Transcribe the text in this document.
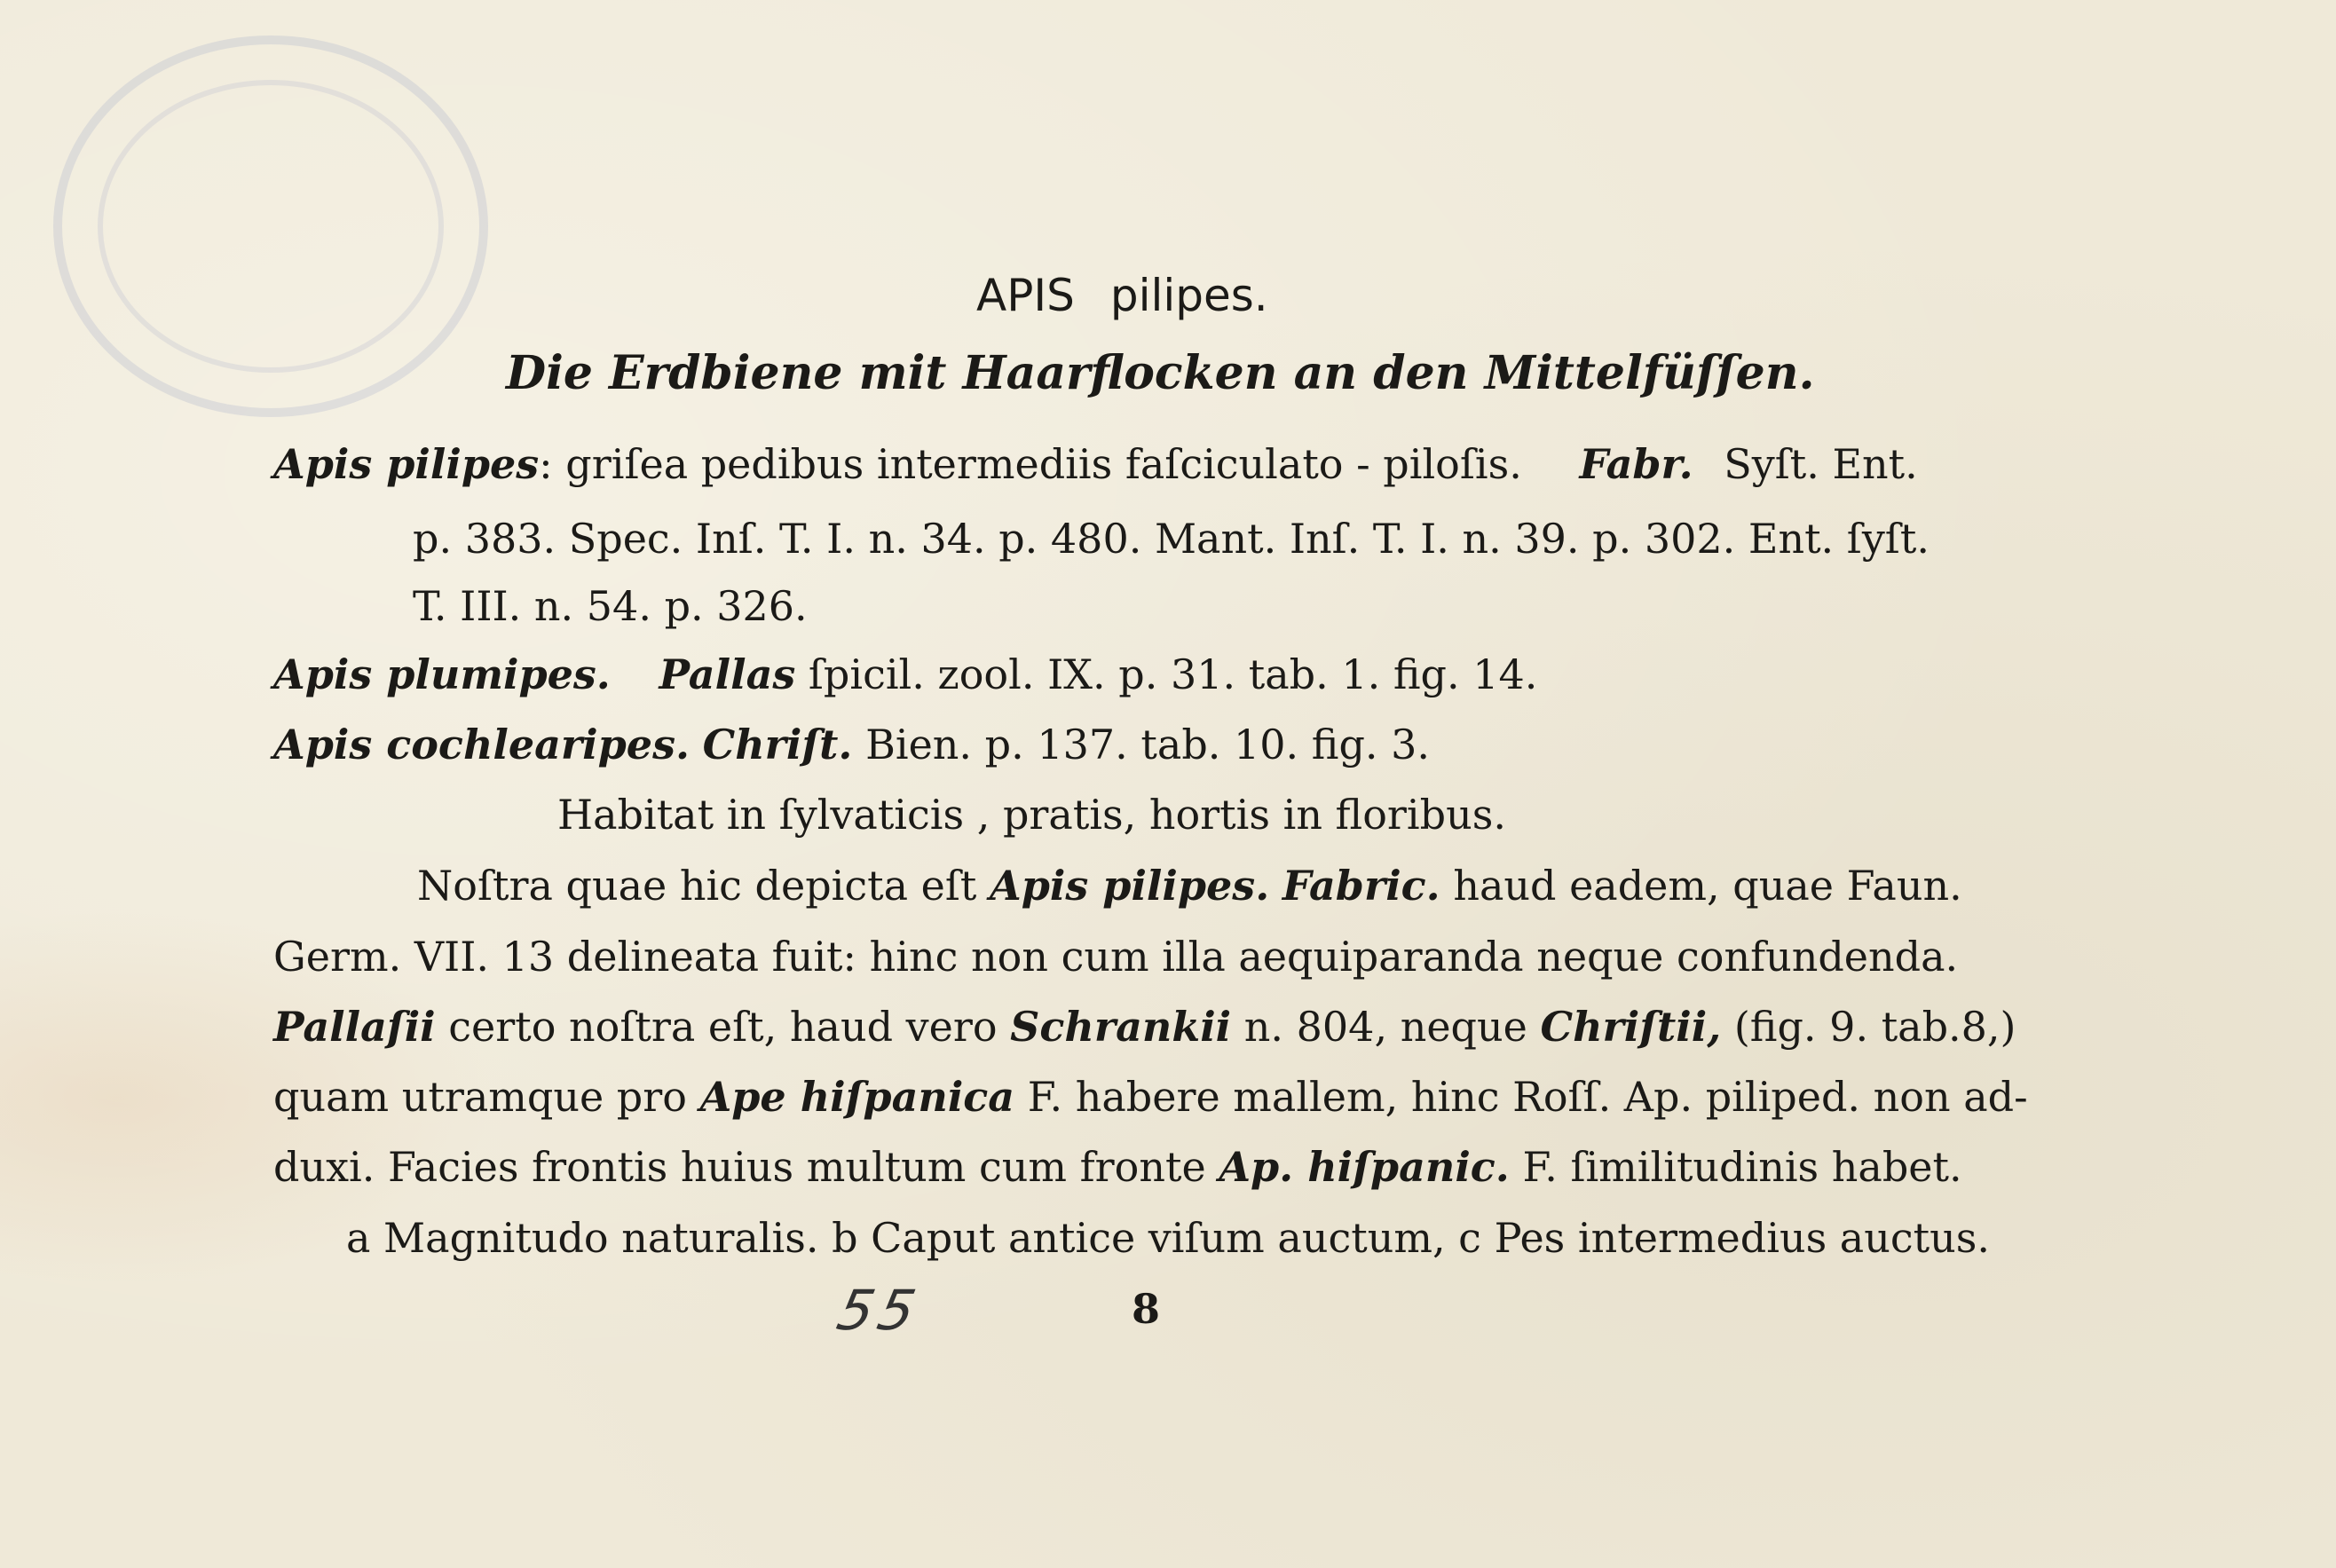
APIS pilipes.
Die Erdbiene mit Haarflocken an den Mittelfüſſen.
Apis pilipes: griſea pedibus intermediis faſciculato - piloſis. Fabr. Syſt. Ent.
p. 383. Spec. Inſ. T. I. n. 34. p. 480. Mant. Inſ. T. I. n. 39. p. 302. Ent. ſyſt.
T. III. n. 54. p. 326.
Apis plumipes. Pallas ſpicil. zool. IX. p. 31. tab. 1. fig. 14.
Apis cochlearipes. Chriſt. Bien. p. 137. tab. 10. fig. 3.
Habitat in ſylvaticis , pratis, hortis in floribus.
Noſtra quae hic depicta eſt Apis pilipes. Fabric. haud eadem, quae Faun.
Germ. VII. 13 delineata fuit: hinc non cum illa aequiparanda neque confundenda.
Pallaſii certo noſtra eſt, haud vero Schrankii n. 804, neque Chriſtii, (fig. 9. tab.8,)
quam utramque pro Ape hiſpanica F. habere mallem, hinc Roſſ. Ap. piliped. non ad-
duxi. Facies frontis huius multum cum fronte Ap. hiſpanic. F. ſimilitudinis habet.
a Magnitudo naturalis. b Caput antice viſum auctum, c Pes intermedius auctus.
55	8
